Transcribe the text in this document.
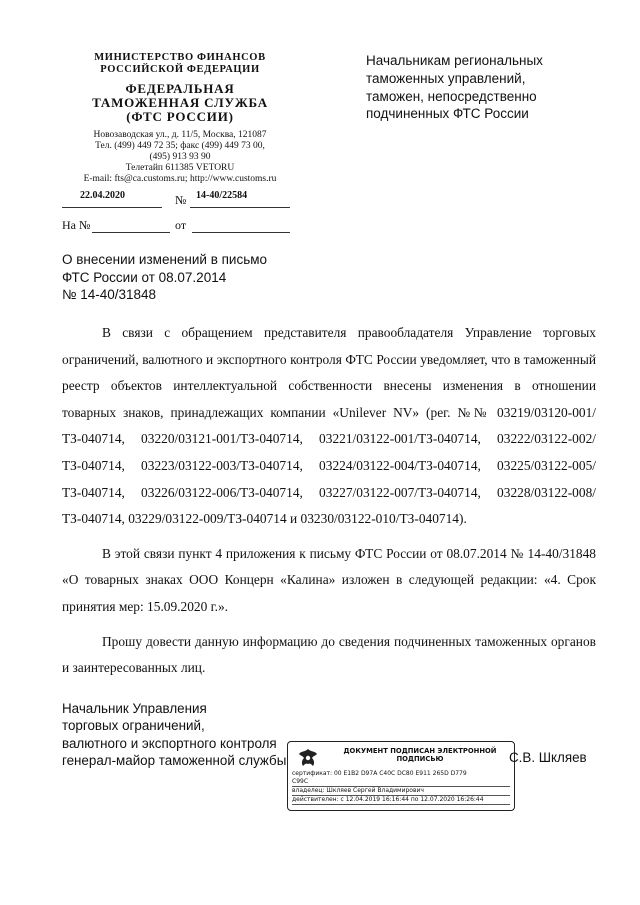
МИНИСТЕРСТВО ФИНАНСОВ
РОССИЙСКОЙ ФЕДЕРАЦИИ
ФЕДЕРАЛЬНАЯ
ТАМОЖЕННАЯ СЛУЖБА
(ФТС РОССИИ)
Новозаводская ул., д. 11/5, Москва, 121087
Тел. (499) 449 72 35; факс (499) 449 73 00,
(495) 913 93 90
Телетайп 611385 VETORU
E-mail: fts@ca.customs.ru; http://www.customs.ru
22.04.2020	№ 14-40/22584
На №	от
Начальникам региональных
таможенных управлений,
таможен, непосредственно
подчиненных ФТС России
О внесении изменений в письмо
ФТС России от 08.07.2014
№ 14-40/31848

В связи с обращением представителя правообладателя Управление торговых ограничений, валютного и экспортного контроля ФТС России уведомляет, что в таможенный реестр объектов интеллектуальной собственности внесены изменения в отношении товарных знаков, принадлежащих компании «Unilever NV» (рег. №№ 03219/03120-001/ТЗ-040714, 03220/03121-001/ТЗ-040714, 03221/03122-001/ТЗ-040714, 03222/03122-002/ТЗ-040714, 03223/03122-003/ТЗ-040714, 03224/03122-004/ТЗ-040714, 03225/03122-005/ТЗ-040714, 03226/03122-006/ТЗ-040714, 03227/03122-007/ТЗ-040714, 03228/03122-008/ТЗ-040714, 03229/03122-009/ТЗ-040714 и 03230/03122-010/ТЗ-040714).

В этой связи пункт 4 приложения к письму ФТС России от 08.07.2014 № 14-40/31848 «О товарных знаках ООО Концерн «Калина» изложен в следующей редакции: «4. Срок принятия мер: 15.09.2020 г.».

Прошу довести данную информацию до сведения подчиненных таможенных органов и заинтересованных лиц.

Начальник Управления
торговых ограничений,
валютного и экспортного контроля
генерал-майор таможенной службы
ДОКУМЕНТ ПОДПИСАН ЭЛЕКТРОННОЙ
ПОДПИСЬЮ
сертификат: 00 E1B2 D97A C40C DC80 E911 265D D779
C99C
владелец: Шкляев Сергей Владимирович
действителен: с 12.04.2019 16:16:44 по 12.07.2020 16:26:44
С.В. Шкляев
